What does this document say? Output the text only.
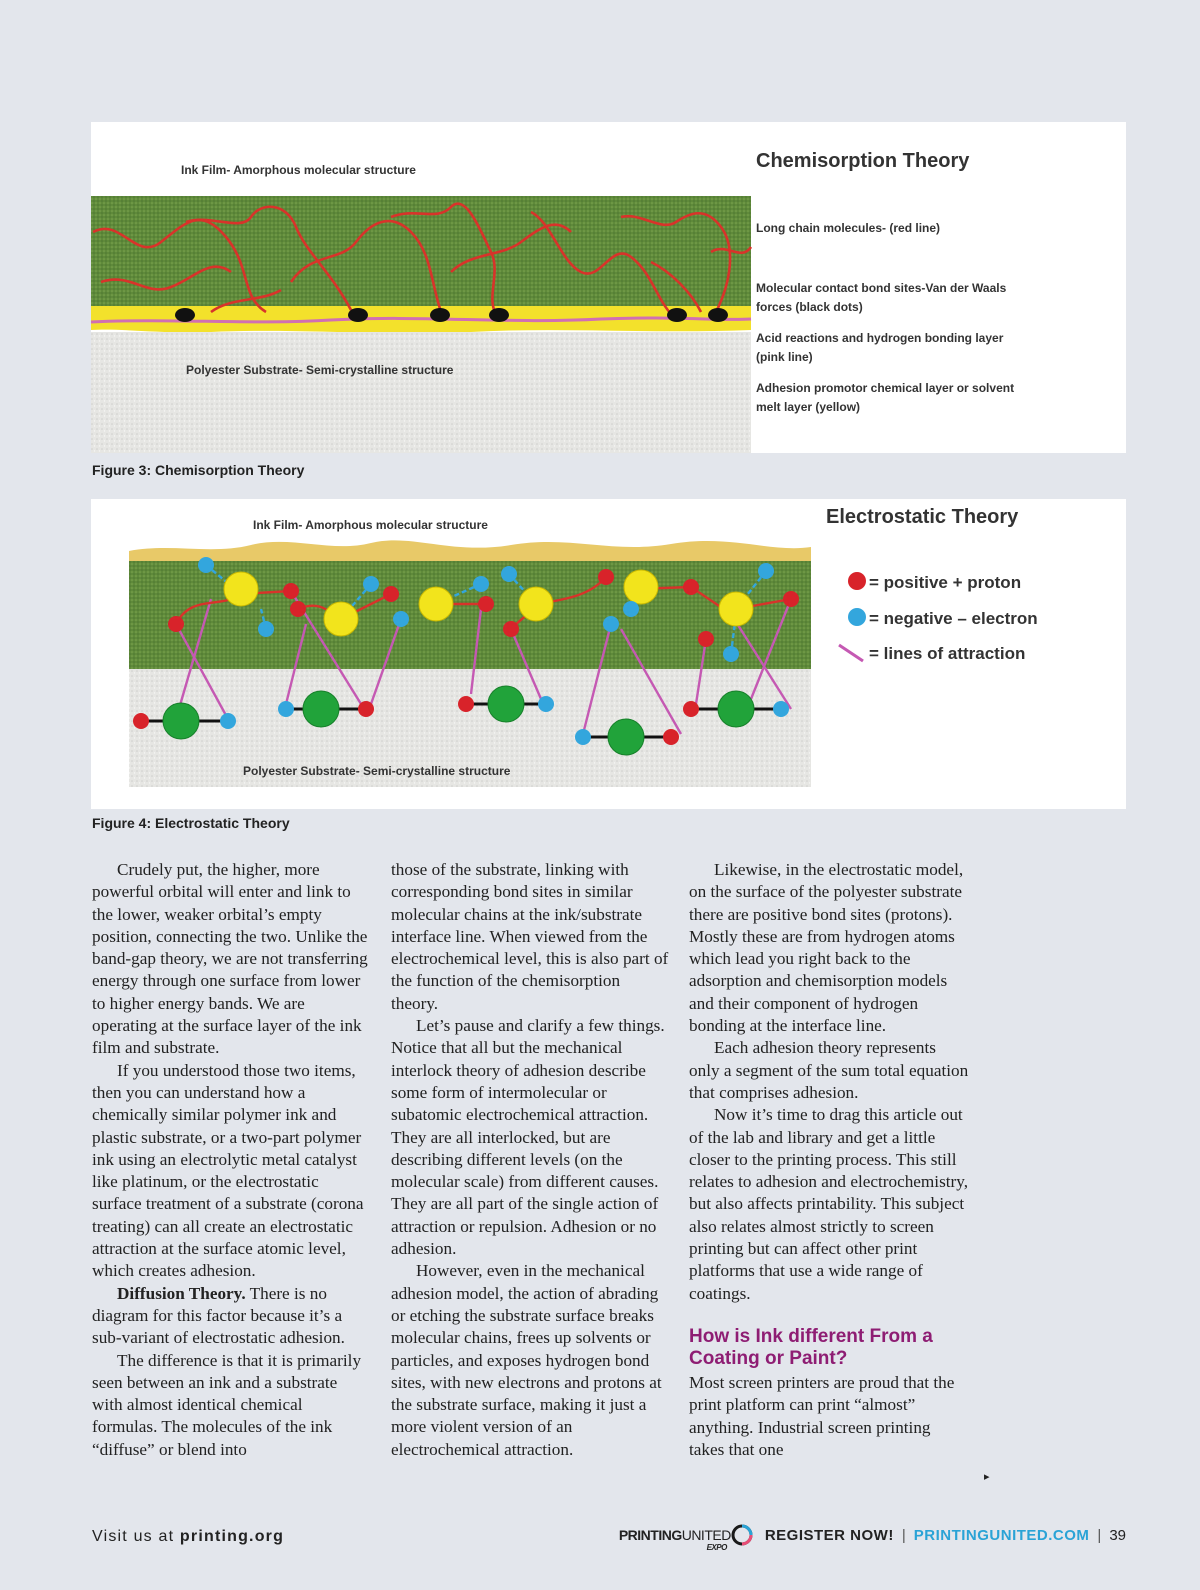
Ink Film- Amorphous molecular structure
Polyester Substrate- Semi-crystalline structure
Chemisorption Theory
Long chain molecules- (red line)
Molecular contact bond sites-Van der Waals
forces (black dots)
Acid reactions and hydrogen bonding layer
(pink line)
Adhesion promotor chemical layer or solvent
melt layer (yellow)
Figure 3: Chemisorption Theory
Ink Film- Amorphous molecular structure
Polyester Substrate- Semi-crystalline structure
Electrostatic Theory
= positive + proton
= negative – electron
= lines of attraction
Figure 4: Electrostatic Theory

Crudely put, the higher, more powerful orbital will enter and link to the lower, weaker orbital’s empty position, connecting the two. Unlike the band-gap theory, we are not transferring energy through one surface from lower to higher energy bands. We are operating at the surface layer of the ink film and substrate.

If you understood those two items, then you can understand how a chemically similar polymer ink and plastic substrate, or a two-part polymer ink using an electrolytic metal catalyst like platinum, or the electrostatic surface treatment of a substrate (corona treating) can all create an electrostatic attraction at the surface atomic level, which creates adhesion.

Diffusion Theory. There is no diagram for this factor because it’s a sub-variant of electrostatic adhesion.

The difference is that it is primarily seen between an ink and a substrate with almost identical chemical formulas. The molecules of the ink “diffuse” or blend into

those of the substrate, linking with corresponding bond sites in similar molecular chains at the ink/substrate interface line. When viewed from the electrochemical level, this is also part of the function of the chemisorption theory.

Let’s pause and clarify a few things. Notice that all but the mechanical interlock theory of adhesion describe some form of intermolecular or subatomic electrochemical attraction. They are all interlocked, but are describing different levels (on the molecular scale) from different causes. They are all part of the single action of attraction or repulsion. Adhesion or no adhesion.

However, even in the mechanical adhesion model, the action of abrading or etching the substrate surface breaks molecular chains, frees up solvents or particles, and exposes hydrogen bond sites, with new electrons and protons at the substrate surface, making it just a more violent version of an electrochemical attraction.

Likewise, in the electrostatic model, on the surface of the polyester substrate there are positive bond sites (protons). Mostly these are from hydrogen atoms which lead you right back to the adsorption and chemisorption models and their component of hydrogen bonding at the interface line.

Each adhesion theory represents only a segment of the sum total equation that comprises adhesion.

Now it’s time to drag this article out of the lab and library and get a little closer to the printing process. This still relates to adhesion and electrochemistry, but also affects printability. This subject also relates almost strictly to screen printing but can affect other print platforms that use a wide range of coatings.

How is Ink different From a Coating or Paint?

Most screen printers are proud that the print platform can print “almost” anything. Industrial screen printing takes that one

▸
Visit us at printing.org	PRINTINGUNITED
EXPO
REGISTER NOW! | PRINTINGUNITED.COM | 39
